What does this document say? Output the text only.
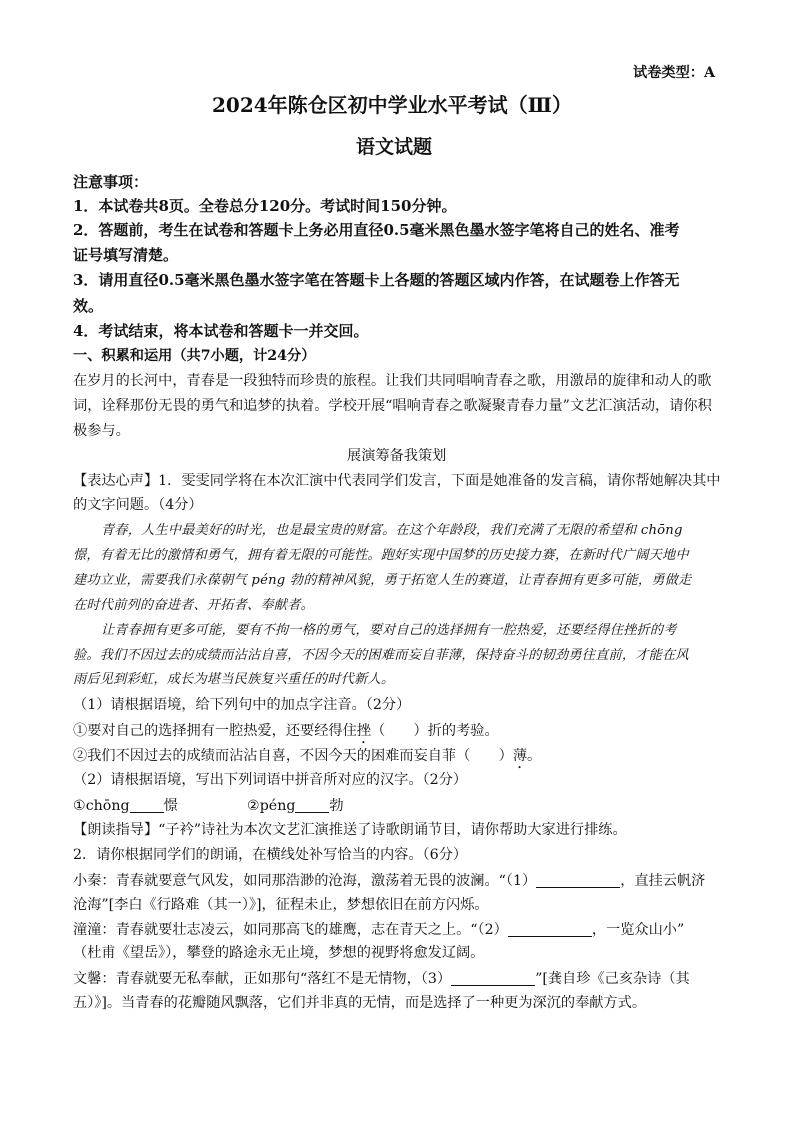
试卷类型：A
2024年陈仓区初中学业水平考试（Ⅲ）
语文试题
注意事项：
1．本试卷共8页。全卷总分120分。考试时间150分钟。
2．答题前，考生在试卷和答题卡上务必用直径0.5毫米黑色墨水签字笔将自己的姓名、准考
证号填写清楚。
3．请用直径0.5毫米黑色墨水签字笔在答题卡上各题的答题区域内作答，在试题卷上作答无
效。
4．考试结束，将本试卷和答题卡一并交回。
一、积累和运用（共7小题，计24分）
在岁月的长河中，青春是一段独特而珍贵的旅程。让我们共同唱响青春之歌，用激昂的旋律和动人的歌
词，诠释那份无畏的勇气和追梦的执着。学校开展“唱响青春之歌凝聚青春力量”文艺汇演活动，请你积
极参与。
展演筹备我策划
【表达心声】1．雯雯同学将在本次汇演中代表同学们发言，下面是她准备的发言稿，请你帮她解决其中
的文字问题。（4分）
青春，人生中最美好的时光，也是最宝贵的财富。在这个年龄段，我们充满了无限的希望和 chōng
憬，有着无比的激情和勇气，拥有着无限的可能性。跑好实现中国梦的历史接力赛，在新时代广阔天地中
建功立业，需要我们永葆朝气 péng 勃的精神风貌，勇于拓宽人生的赛道，让青春拥有更多可能，勇做走
在时代前列的奋进者、开拓者、奉献者。
让青春拥有更多可能，要有不拘一格的勇气，要对自己的选择拥有一腔热爱，还要经得住挫折的考
验。我们不因过去的成绩而沾沾自喜，不因今天的困难而妄自菲薄，保持奋斗的韧劲勇往直前，才能在风
雨后见到彩虹，成长为堪当民族复兴重任的时代新人。
（1）请根据语境，给下列句中的加点字注音。（2分）
①要对自己的选择拥有一腔热爱，还要经得住挫（　　）折的考验。
②我们不因过去的成绩而沾沾自喜，不因今天的困难而妄自菲（　　）薄。
（2）请根据语境，写出下列词语中拼音所对应的汉字。（2分）
①chōng 憬	②péng 勃
【朗读指导】“子衿”诗社为本次文艺汇演推送了诗歌朗诵节目，请你帮助大家进行排练。
2．请你根据同学们的朗诵，在横线处补写恰当的内容。（6分）
小秦：青春就要意气风发，如同那浩渺的沧海，激荡着无畏的波澜。“（1）	，直挂云帆济
沧海”[李白《行路难（其一）》]，征程未止，梦想依旧在前方闪烁。
潼潼：青春就要壮志凌云，如同那高飞的雄鹰，志在青天之上。“（2）	，一览众山小”
（杜甫《望岳》），攀登的路途永无止境，梦想的视野将愈发辽阔。
文馨：青春就要无私奉献，正如那句“落红不是无情物，（3）	”[龚自珍《己亥杂诗（其
五）》]。当青春的花瓣随风飘落，它们并非真的无情，而是选择了一种更为深沉的奉献方式。
